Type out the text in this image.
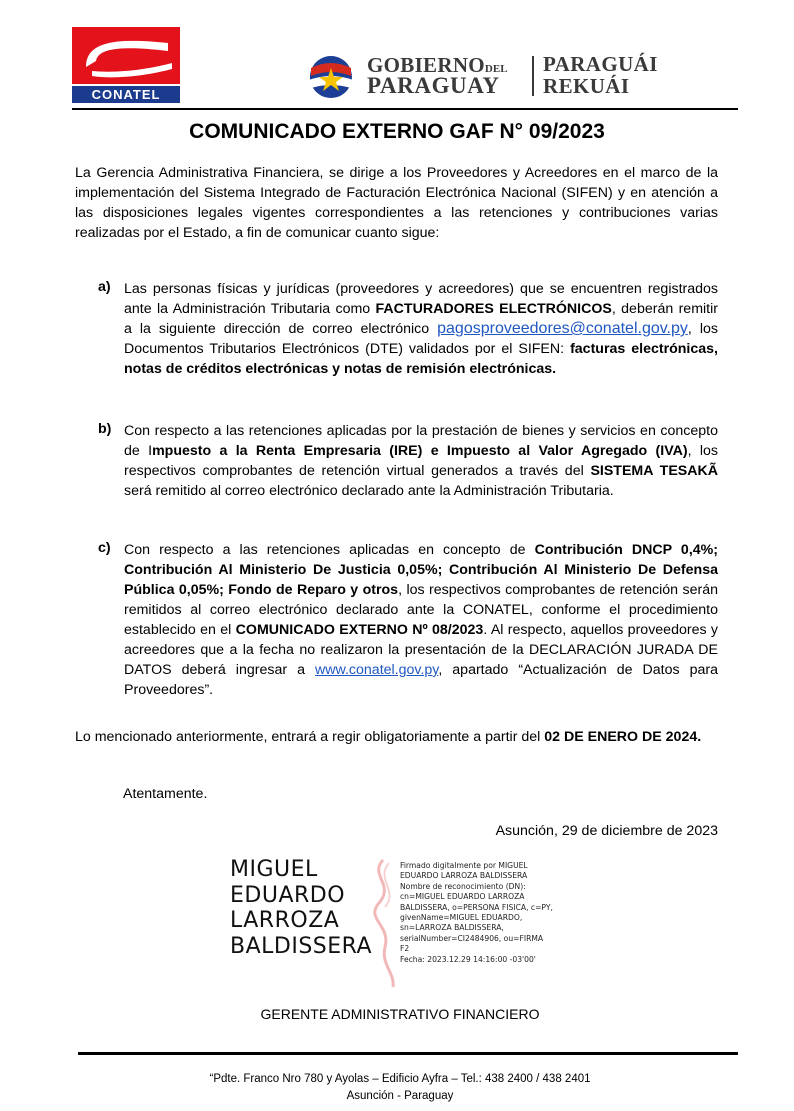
CONATEL
GOBIERNODEL
PARAGUAY
PARAGUÁI
REKUÁI
COMUNICADO EXTERNO GAF N° 09/2023

La Gerencia Administrativa Financiera, se dirige a los Proveedores y Acreedores en el marco de la implementación del Sistema Integrado de Facturación Electrónica Nacional (SIFEN) y en atención a las disposiciones legales vigentes correspondientes a las retenciones y contribuciones varias realizadas por el Estado, a fin de comunicar cuanto sigue:

a) Las personas físicas y jurídicas (proveedores y acreedores) que se encuentren registrados ante la Administración Tributaria como FACTURADORES ELECTRÓNICOS, deberán remitir a la siguiente dirección de correo electrónico pagosproveedores@conatel.gov.py, los Documentos Tributarios Electrónicos (DTE) validados por el SIFEN: facturas electrónicas, notas de créditos electrónicas y notas de remisión electrónicas.

b) Con respecto a las retenciones aplicadas por la prestación de bienes y servicios en concepto de Impuesto a la Renta Empresaria (IRE) e Impuesto al Valor Agregado (IVA), los respectivos comprobantes de retención virtual generados a través del SISTEMA TESAKÃ será remitido al correo electrónico declarado ante la Administración Tributaria.

c) Con respecto a las retenciones aplicadas en concepto de Contribución DNCP 0,4%; Contribución Al Ministerio De Justicia 0,05%; Contribución Al Ministerio De Defensa Pública 0,05%; Fondo de Reparo y otros, los respectivos comprobantes de retención serán remitidos al correo electrónico declarado ante la CONATEL, conforme el procedimiento establecido en el COMUNICADO EXTERNO Nº 08/2023. Al respecto, aquellos proveedores y acreedores que a la fecha no realizaron la presentación de la DECLARACIÓN JURADA DE DATOS deberá ingresar a www.conatel.gov.py, apartado “Actualización de Datos para Proveedores”.

Lo mencionado anteriormente, entrará a regir obligatoriamente a partir del 02 DE ENERO DE 2024.

Atentamente.
Asunción, 29 de diciembre de 2023
MIGUEL
EDUARDO
LARROZA
BALDISSERA
Firmado digitalmente por MIGUEL
EDUARDO LARROZA BALDISSERA
Nombre de reconocimiento (DN):
cn=MIGUEL EDUARDO LARROZA
BALDISSERA, o=PERSONA FISICA, c=PY,
givenName=MIGUEL EDUARDO,
sn=LARROZA BALDISSERA,
serialNumber=CI2484906, ou=FIRMA
F2
Fecha: 2023.12.29 14:16:00 -03'00'
GERENTE ADMINISTRATIVO FINANCIERO
“Pdte. Franco Nro 780 y Ayolas – Edificio Ayfra – Tel.: 438 2400 / 438 2401
Asunción - Paraguay
